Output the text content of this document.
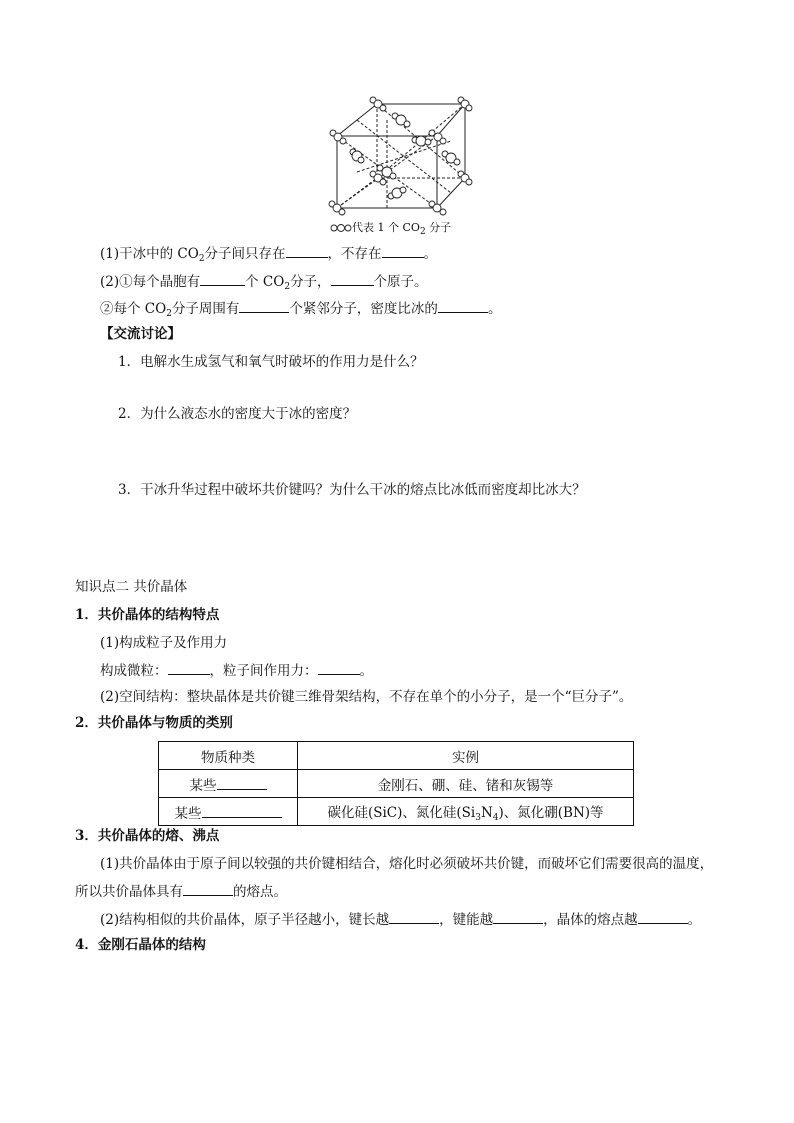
代表 1 个 $CO_2$ 分子
(1)干冰中的 $CO_2$分子间只存在	，不存在	。
(2)①每个晶胞有	个 $CO_2$分子，	个原子。
②每个 $CO_2$分子周围有	个紧邻分子，密度比冰的	。
【交流讨论】
1．电解水生成氢气和氧气时破坏的作用力是什么？
2．为什么液态水的密度大于冰的密度？
3．干冰升华过程中破坏共价键吗？为什么干冰的熔点比冰低而密度却比冰大？
知识点二 共价晶体
1．共价晶体的结构特点
(1)构成粒子及作用力
构成微粒：	，粒子间作用力：	。
(2)空间结构：整块晶体是共价键三维骨架结构，不存在单个的小分子，是一个“巨分子”。
2．共价晶体与物质的类别
物质种类	实例
某些	金刚石、硼、硅、锗和灰锡等
某些	碳化硅(SiC)、氮化硅$(Si_3N_4)$、氮化硼(BN)等
3．共价晶体的熔、沸点
(1)共价晶体由于原子间以较强的共价键相结合，熔化时必须破坏共价键，而破坏它们需要很高的温度，
所以共价晶体具有	的熔点。
(2)结构相似的共价晶体，原子半径越小，键长越	，键能越	，晶体的熔点越	。
4．金刚石晶体的结构
